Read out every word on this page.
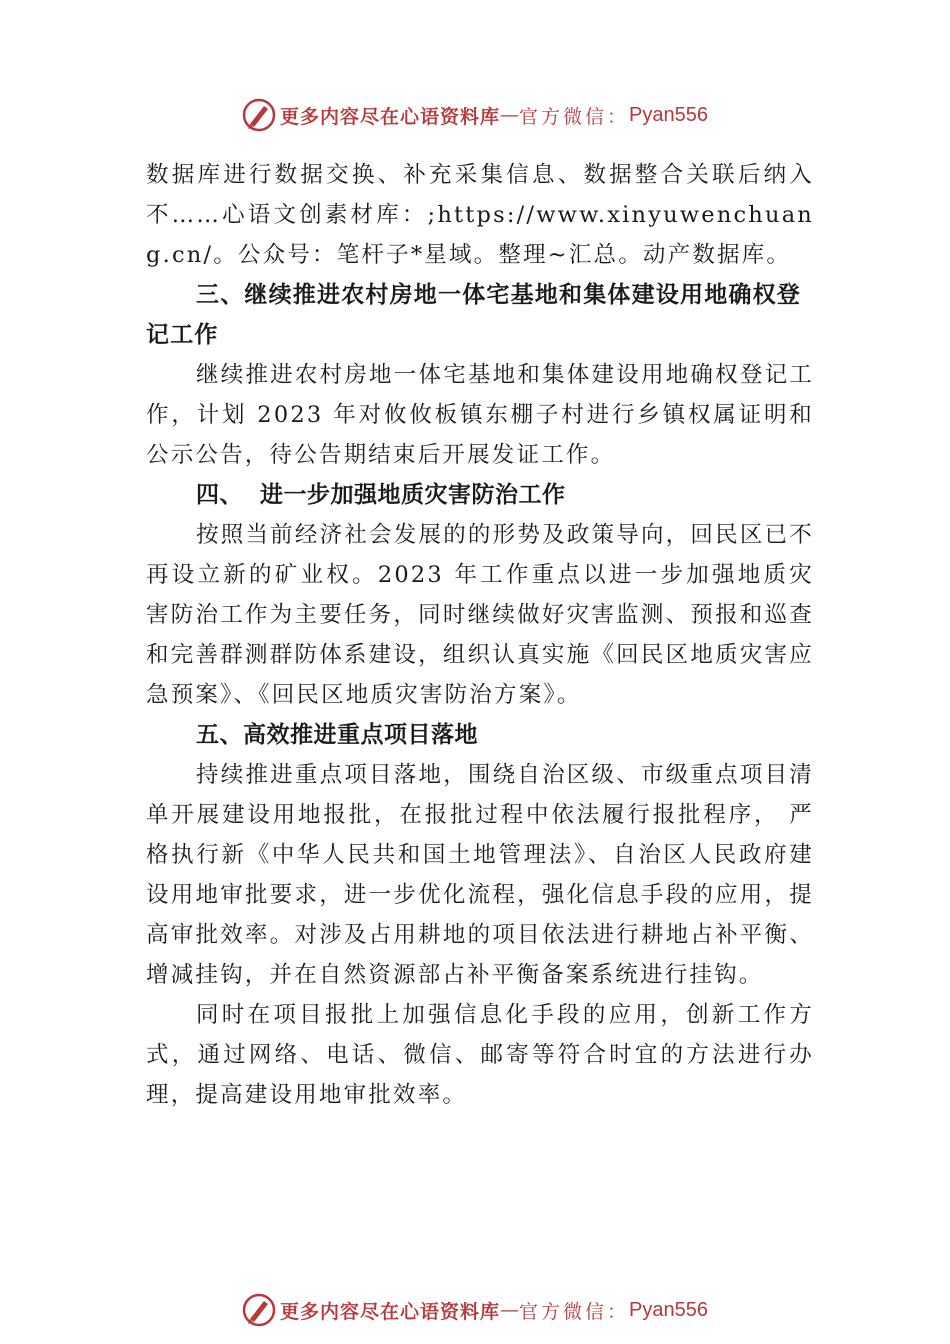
更多内容尽在心语资料库 — 官方微信： Pyan556

数据库进行数据交换、补充采集信息、数据整合关联后纳入不……心语文创素材库：;https://www.xinyuwenchuang.cn/。公众号：笔杆子*星域。整理~汇总。动产数据库。

三、继续推进农村房地一体宅基地和集体建设用地确权登记工作

继续推进农村房地一体宅基地和集体建设用地确权登记工作，计划 2023 年对攸攸板镇东棚子村进行乡镇权属证明和公示公告，待公告期结束后开展发证工作。

四、  进一步加强地质灾害防治工作

按照当前经济社会发展的的形势及政策导向，回民区已不再设立新的矿业权。2023 年工作重点以进一步加强地质灾害防治工作为主要任务，同时继续做好灾害监测、预报和巡查和完善群测群防体系建设，组织认真实施《回民区地质灾害应急预案》、《回民区地质灾害防治方案》。

五、高效推进重点项目落地

持续推进重点项目落地，围绕自治区级、市级重点项目清单开展建设用地报批，在报批过程中依法履行报批程序， 严格执行新《中华人民共和国土地管理法》、自治区人民政府建设用地审批要求，进一步优化流程，强化信息手段的应用，提高审批效率。对涉及占用耕地的项目依法进行耕地占补平衡、增减挂钩，并在自然资源部占补平衡备案系统进行挂钩。

同时在项目报批上加强信息化手段的应用，创新工作方式，通过网络、电话、微信、邮寄等符合时宜的方法进行办理，提高建设用地审批效率。

更多内容尽在心语资料库 — 官方微信： Pyan556
